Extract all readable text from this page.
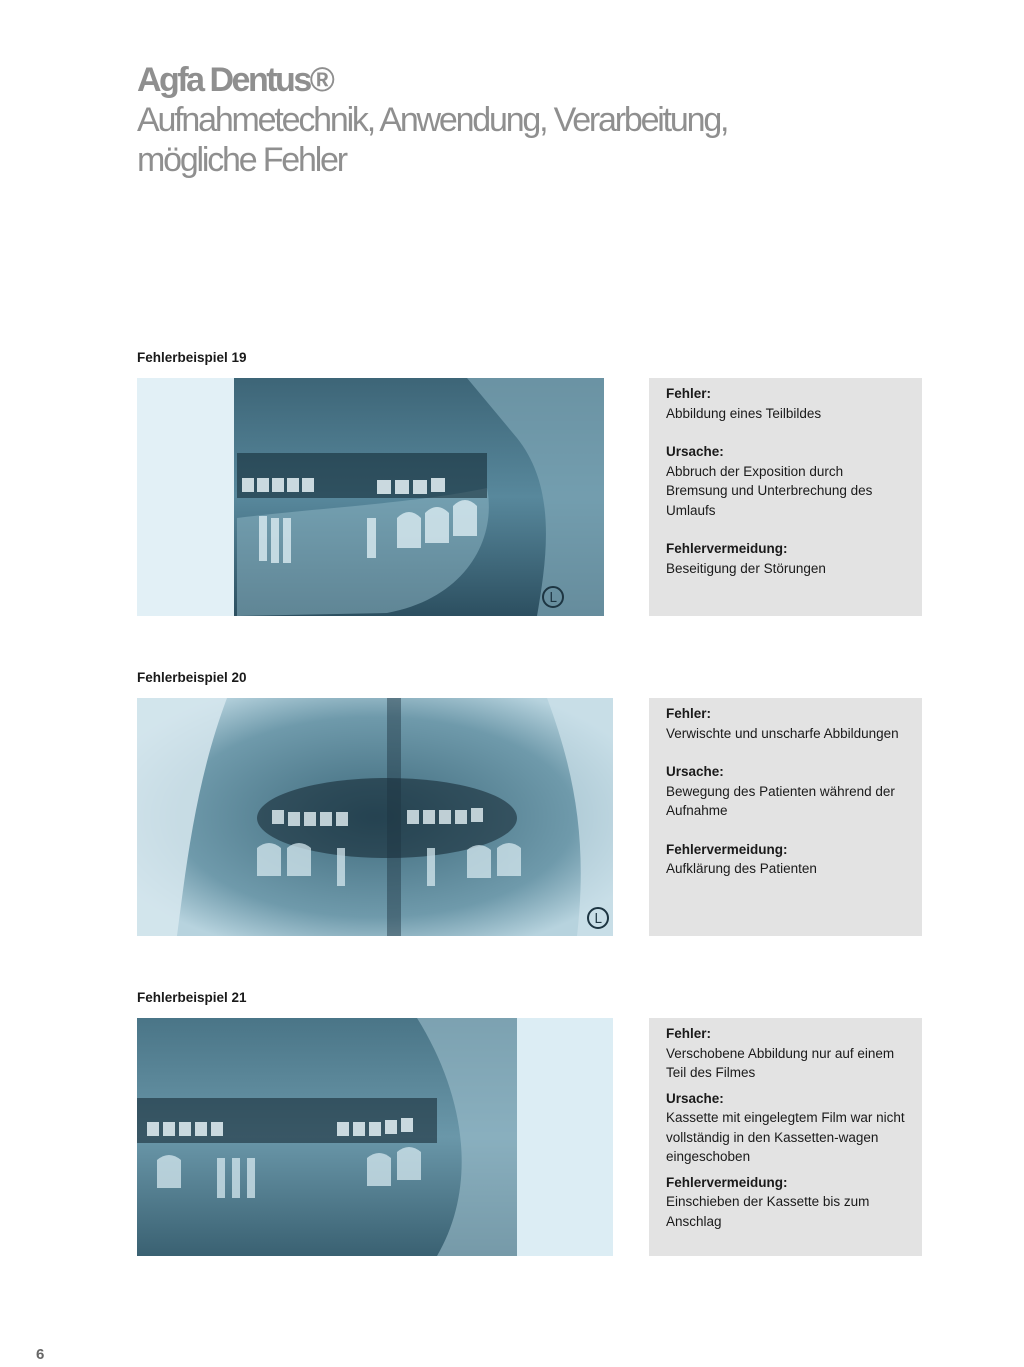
Agfa Dentus®
Aufnahmetechnik, Anwendung, Verarbeitung,
mögliche Fehler
Fehlerbeispiel 19
L
Fehler:
Abbildung eines Teilbildes
Ursache:
Abbruch der Exposition durch Bremsung und Unterbrechung des Umlaufs
Fehlervermeidung:
Beseitigung der Störungen
Fehlerbeispiel 20
L
Fehler:
Verwischte und unscharfe Abbildungen
Ursache:
Bewegung des Patienten während der Aufnahme
Fehlervermeidung:
Aufklärung des Patienten
Fehlerbeispiel 21
Fehler:
Verschobene Abbildung nur auf einem Teil des Filmes
Ursache:
Kassette mit eingelegtem Film war nicht vollständig in den Kassetten-wagen eingeschoben
Fehlervermeidung:
Einschieben der Kassette bis zum Anschlag
6
